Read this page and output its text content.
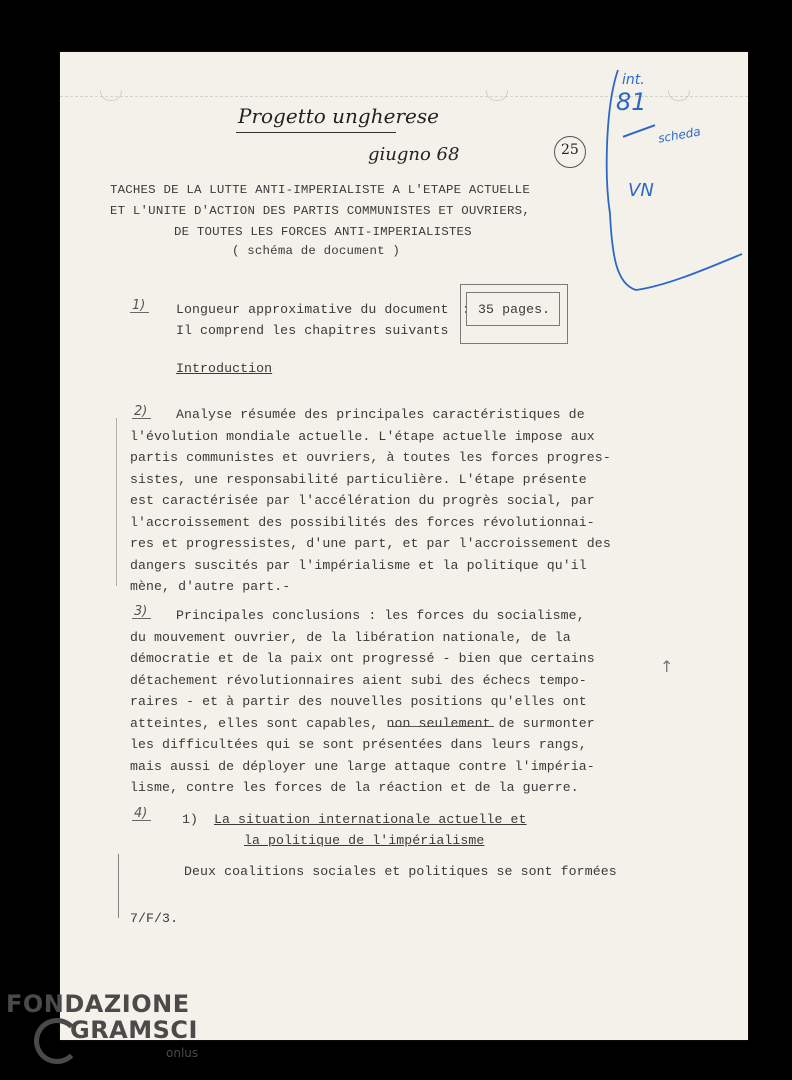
Progetto ungherese
giugno 68	25
int.
81
scheda
VN
TACHES DE LA LUTTE ANTI-IMPERIALISTE A L'ETAPE ACTUELLE
ET L'UNITE D'ACTION DES PARTIS COMMUNISTES ET OUVRIERS,
DE TOUTES LES FORCES ANTI-IMPERIALISTES
( schéma de document )
1) Longueur approximative du document : 35 pages.
Il comprend les chapitres suivants
Introduction
2) Analyse résumée des principales caractéristiques de
l'évolution mondiale actuelle. L'étape actuelle impose aux
partis communistes et ouvriers, à toutes les forces progres-
sistes, une responsabilité particulière. L'étape présente
est caractérisée par l'accélération du progrès social, par
l'accroissement des possibilités des forces révolutionnai-
res et progressistes, d'une part, et par l'accroissement des
dangers suscités par l'impérialisme et la politique qu'il
mène, d'autre part.-
3) Principales conclusions : les forces du socialisme,
du mouvement ouvrier, de la libération nationale, de la
démocratie et de la paix ont progressé - bien que certains
détachement révolutionnaires aient subi des échecs tempo-
raires - et à partir des nouvelles positions qu'elles ont
atteintes, elles sont capables, non seulement de surmonter
les difficultées qui se sont présentées dans leurs rangs,
mais aussi de déployer une large attaque contre l'impéria-
lisme, contre les forces de la réaction et de la guerre.
↑
4)	1) La situation internationale actuelle et
la politique de l'impérialisme
Deux coalitions sociales et politiques se sont formées
7/F/3.
FONDAZIONE
GRAMSCI
onlus
